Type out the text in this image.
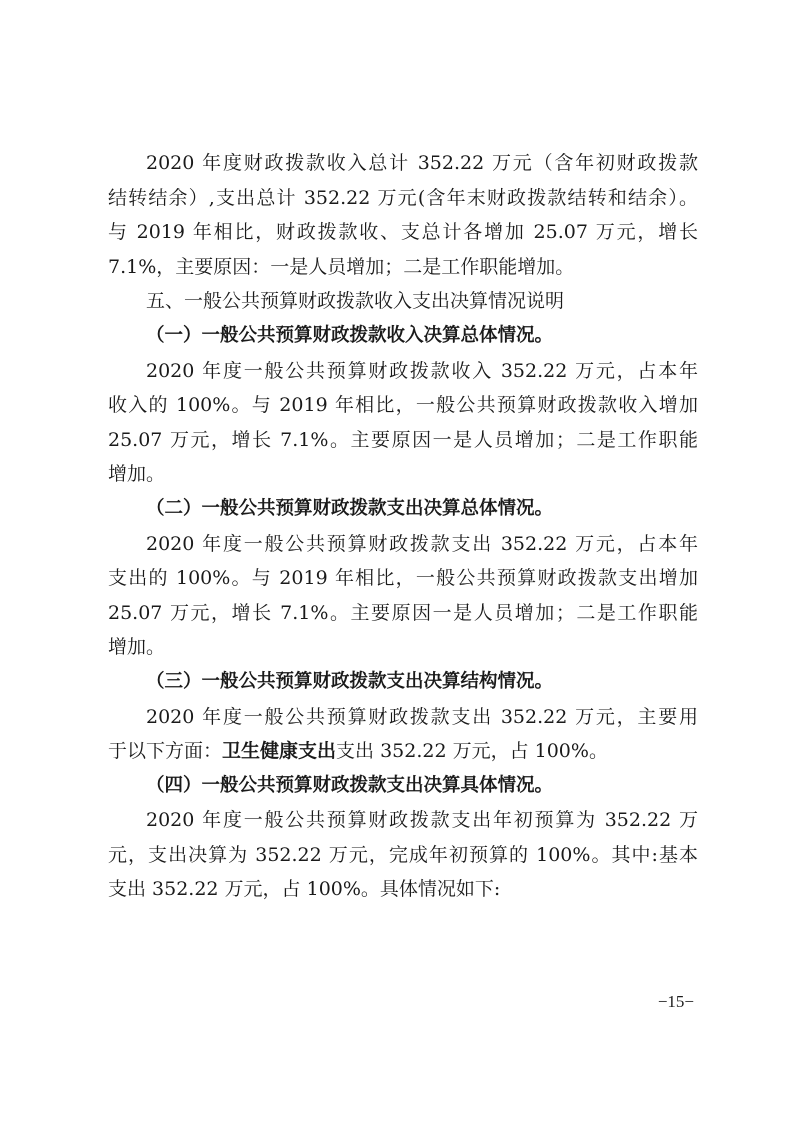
2020 年度财政拨款收入总计 352.22 万元（含年初财政拨款
结转结余）,支出总计 352.22 万元(含年末财政拨款结转和结余）。
与 2019 年相比，财政拨款收、支总计各增加 25.07 万元，增长
7.1%，主要原因：一是人员增加；二是工作职能增加。
五、一般公共预算财政拨款收入支出决算情况说明
（一）一般公共预算财政拨款收入决算总体情况。
2020 年度一般公共预算财政拨款收入 352.22 万元，占本年
收入的 100%。与 2019 年相比，一般公共预算财政拨款收入增加
25.07 万元，增长 7.1%。主要原因一是人员增加；二是工作职能
增加。
（二）一般公共预算财政拨款支出决算总体情况。
2020 年度一般公共预算财政拨款支出 352.22 万元，占本年
支出的 100%。与 2019 年相比，一般公共预算财政拨款支出增加
25.07 万元，增长 7.1%。主要原因一是人员增加；二是工作职能
增加。
（三）一般公共预算财政拨款支出决算结构情况。
2020 年度一般公共预算财政拨款支出 352.22 万元，主要用
于以下方面：卫生健康支出支出 352.22 万元，占 100%。
（四）一般公共预算财政拨款支出决算具体情况。
2020 年度一般公共预算财政拨款支出年初预算为 352.22 万
元，支出决算为 352.22 万元，完成年初预算的 100%。其中:基本
支出 352.22 万元，占 100%。具体情况如下:
−15−
